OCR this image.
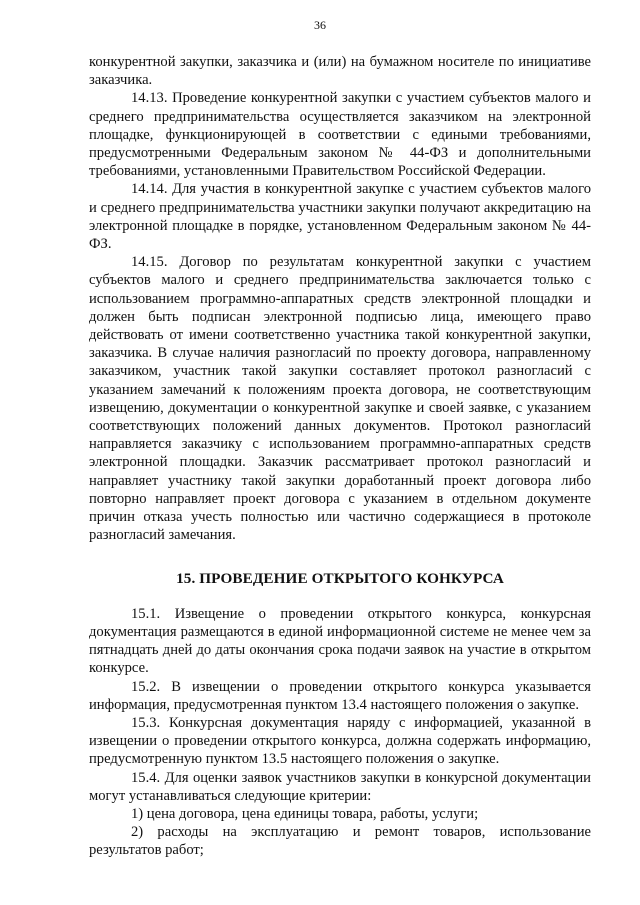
36

конкурентной закупки, заказчика и (или) на бумажном носителе по инициативе заказчика.

14.13. Проведение конкурентной закупки с участием субъектов малого и среднего предпринимательства осуществляется заказчиком на электронной площадке, функционирующей в соответствии с едиными требованиями, предусмотренными Федеральным законом № 44-ФЗ и дополнительными требованиями, установленными Правительством Российской Федерации.

14.14. Для участия в конкурентной закупке с участием субъектов малого и среднего предпринимательства участники закупки получают аккредитацию на электронной площадке в порядке, установленном Федеральным законом № 44-ФЗ.

14.15. Договор по результатам конкурентной закупки с участием субъектов малого и среднего предпринимательства заключается только с использованием программно-аппаратных средств электронной площадки и должен быть подписан электронной подписью лица, имеющего право действовать от имени соответственно участника такой конкурентной закупки, заказчика. В случае наличия разногласий по проекту договора, направленному заказчиком, участник такой закупки составляет протокол разногласий с указанием замечаний к положениям проекта договора, не соответствующим извещению, документации о конкурентной закупке и своей заявке, с указанием соответствующих положений данных документов. Протокол разногласий направляется заказчику с использованием программно-аппаратных средств электронной площадки. Заказчик рассматривает протокол разногласий и направляет участнику такой закупки доработанный проект договора либо повторно направляет проект договора с указанием в отдельном документе причин отказа учесть полностью или частично содержащиеся в протоколе разногласий замечания.

15. ПРОВЕДЕНИЕ ОТКРЫТОГО КОНКУРСА

15.1. Извещение о проведении открытого конкурса, конкурсная документация размещаются в единой информационной системе не менее чем за пятнадцать дней до даты окончания срока подачи заявок на участие в открытом конкурсе.

15.2. В извещении о проведении открытого конкурса указывается информация, предусмотренная пунктом 13.4 настоящего положения о закупке.

15.3. Конкурсная документация наряду с информацией, указанной в извещении о проведении открытого конкурса, должна содержать информацию, предусмотренную пунктом 13.5 настоящего положения о закупке.

15.4. Для оценки заявок участников закупки в конкурсной документации могут устанавливаться следующие критерии:

1) цена договора, цена единицы товара, работы, услуги;

2) расходы на эксплуатацию и ремонт товаров, использование результатов работ;
